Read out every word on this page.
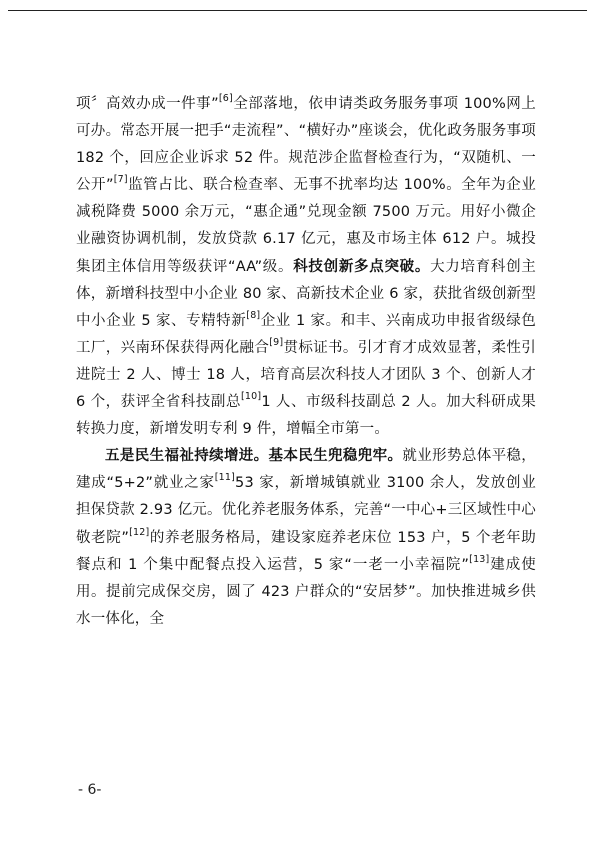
项〞高效办成一件事”[6]全部落地，依申请类政务服务事项 100%网上可办。常态开展一把手“走流程”、“横好办”座谈会，优化政务服务事项 182 个，回应企业诉求 52 件。规范涉企监督检查行为，“双随机、一公开”[7]监管占比、联合检查率、无事不扰率均达 100%。全年为企业减税降费 5000 余万元，“惠企通”兑现金额 7500 万元。用好小微企业融资协调机制，发放贷款 6.17 亿元，惠及市场主体 612 户。城投集团主体信用等级获评“AA”级。科技创新多点突破。大力培育科创主体，新增科技型中小企业 80 家、高新技术企业 6 家，获批省级创新型中小企业 5 家、专精特新[8]企业 1 家。和丰、兴南成功申报省级绿色工厂，兴南环保获得两化融合[9]贯标证书。引才育才成效显著，柔性引进院士 2 人、博士 18 人，培育高层次科技人才团队 3 个、创新人才 6 个，获评全省科技副总[10]1 人、市级科技副总 2 人。加大科研成果转换力度，新增发明专利 9 件，增幅全市第一。

五是民生福祉持续增进。基本民生兜稳兜牢。就业形势总体平稳，建成“5+2”就业之家[11]53 家，新增城镇就业 3100 余人，发放创业担保贷款 2.93 亿元。优化养老服务体系，完善“一中心+三区域性中心敬老院”[12]的养老服务格局，建设家庭养老床位 153 户，5 个老年助餐点和 1 个集中配餐点投入运营，5 家“一老一小幸福院”[13]建成使用。提前完成保交房，圆了 423 户群众的“安居梦”。加快推进城乡供水一体化，全

- 6-
